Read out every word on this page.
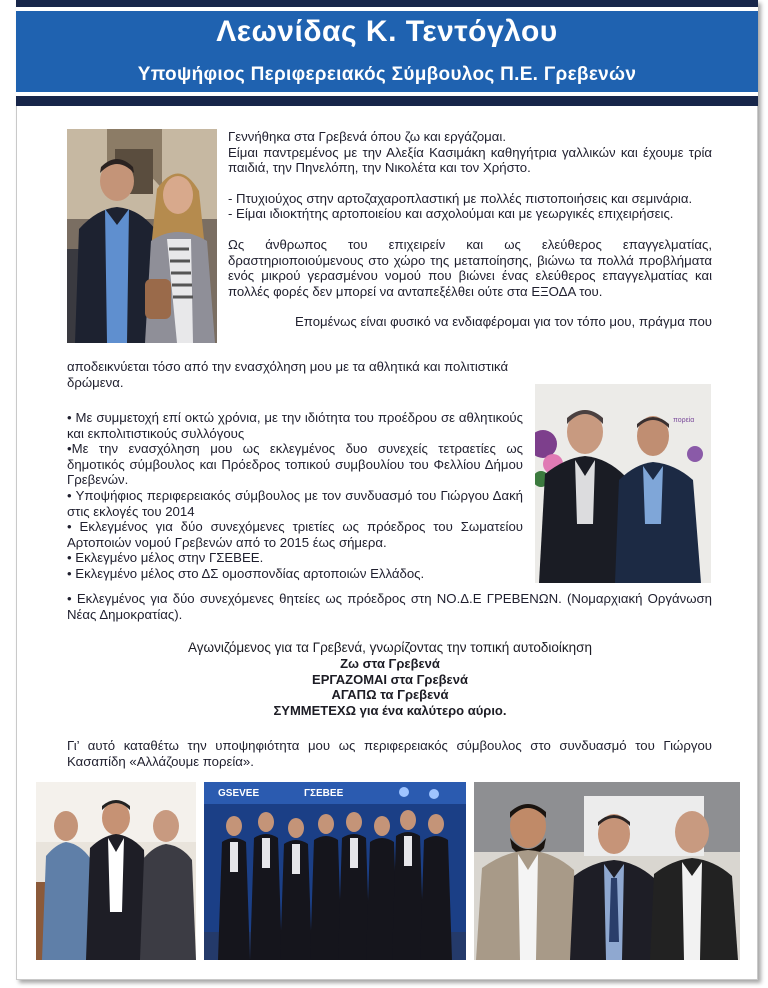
Λεωνίδας Κ. Τεντόγλου
Υποψήφιος Περιφερειακός Σύμβουλος Π.Ε. Γρεβενών
Γεννήθηκα στα Γρεβενά όπου ζω και εργάζομαι.
Είμαι παντρεμένος με την Αλεξία Κασιμάκη καθηγήτρια γαλλικών και έχουμε τρία παιδιά, την Πηνελόπη, την Νικολέτα και τον Χρήστο.
- Πτυχιούχος στην αρτοζαχαροπλαστική με πολλές πιστοποιήσεις και σεμινάρια.
- Είμαι ιδιοκτήτης αρτοποιείου και ασχολούμαι και με γεωργικές επιχειρήσεις.
Ως άνθρωπος του επιχειρείν και ως ελεύθερος επαγγελματίας, δραστηριοποιούμενους στο χώρο της μεταποίησης, βιώνω τα πολλά προβλήματα ενός μικρού γερασμένου νομού που βιώνει ένας ελεύθερος επαγγελματίας και πολλές φορές δεν μπορεί να ανταπεξέλθει ούτε στα ΕΞΟΔΑ του.
Επομένως είναι φυσικό να ενδιαφέρομαι για τον τόπο μου, πράγμα που
αποδεικνύεται τόσο από την ενασχόληση μου με τα αθλητικά και πολιτιστικά
δρώμενα.
πορεία
• Με συμμετοχή επί οκτώ χρόνια, με την ιδιότητα του προέδρου σε αθλητικούς και εκπολιτιστικούς συλλόγους
•Με την ενασχόληση μου ως εκλεγμένος δυο συνεχείς τετραετίες ως δημοτικός σύμβουλος και Πρόεδρος τοπικού συμβουλίου του Φελλίου Δήμου Γρεβενών.
• Υποψήφιος περιφερειακός σύμβουλος με τον συνδυασμό του Γιώργου Δακή στις εκλογές του 2014
• Εκλεγμένος για δύο συνεχόμενες τριετίες ως πρόεδρος του Σωματείου Αρτοποιών νομού Γρεβενών από το 2015 έως σήμερα.
• Εκλεγμένο μέλος στην ΓΣΕΒΕΕ.
• Εκλεγμένο μέλος στο ΔΣ ομοσπονδίας αρτοποιών Ελλάδος.
• Εκλεγμένος για δύο συνεχόμενες θητείες ως πρόεδρος στη ΝΟ.Δ.Ε ΓΡΕΒΕΝΩΝ. (Νομαρχιακή Οργάνωση Νέας Δημοκρατίας).
Αγωνιζόμενος για τα Γρεβενά, γνωρίζοντας την τοπική αυτοδιοίκηση
Ζω στα Γρεβενά
ΕΡΓΑΖΟΜΑΙ στα Γρεβενά
ΑΓΑΠΩ τα Γρεβενά
ΣΥΜΜΕΤΕΧΩ για ένα καλύτερο αύριο.
Γι’ αυτό καταθέτω την υποψηφιότητα μου ως περιφερειακός σύμβουλος στο συνδυασμό του Γιώργου Κασαπίδη «Αλλάζουμε πορεία».
GSEVEE	ΓΣΕΒΕΕ
